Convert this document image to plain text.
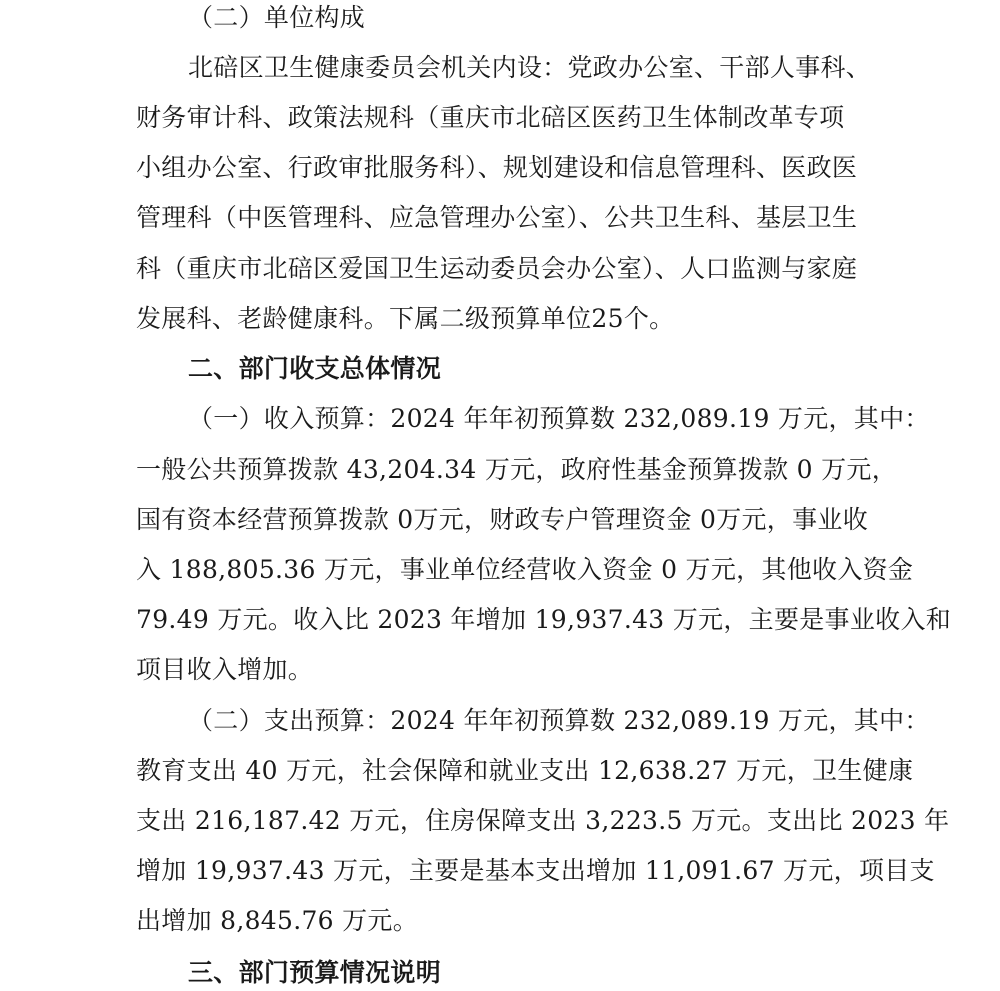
（二）单位构成
北碚区卫生健康委员会机关内设：党政办公室、干部人事科、
财务审计科、政策法规科（重庆市北碚区医药卫生体制改革专项
小组办公室、行政审批服务科）、规划建设和信息管理科、医政医
管理科（中医管理科、应急管理办公室）、公共卫生科、基层卫生
科（重庆市北碚区爱国卫生运动委员会办公室）、人口监测与家庭
发展科、老龄健康科。下属二级预算单位25个。
二、部门收支总体情况
（一）收入预算：2024 年年初预算数 232,089.19 万元，其中：
一般公共预算拨款 43,204.34 万元，政府性基金预算拨款 0 万元，
国有资本经营预算拨款 0万元，财政专户管理资金 0万元，事业收
入 188,805.36 万元，事业单位经营收入资金 0 万元，其他收入资金
79.49 万元。收入比 2023 年增加 19,937.43 万元，主要是事业收入和
项目收入增加。
（二）支出预算：2024 年年初预算数 232,089.19 万元，其中：
教育支出 40 万元，社会保障和就业支出 12,638.27 万元，卫生健康
支出 216,187.42 万元，住房保障支出 3,223.5 万元。支出比 2023 年
增加 19,937.43 万元，主要是基本支出增加 11,091.67 万元，项目支
出增加 8,845.76 万元。
三、部门预算情况说明
